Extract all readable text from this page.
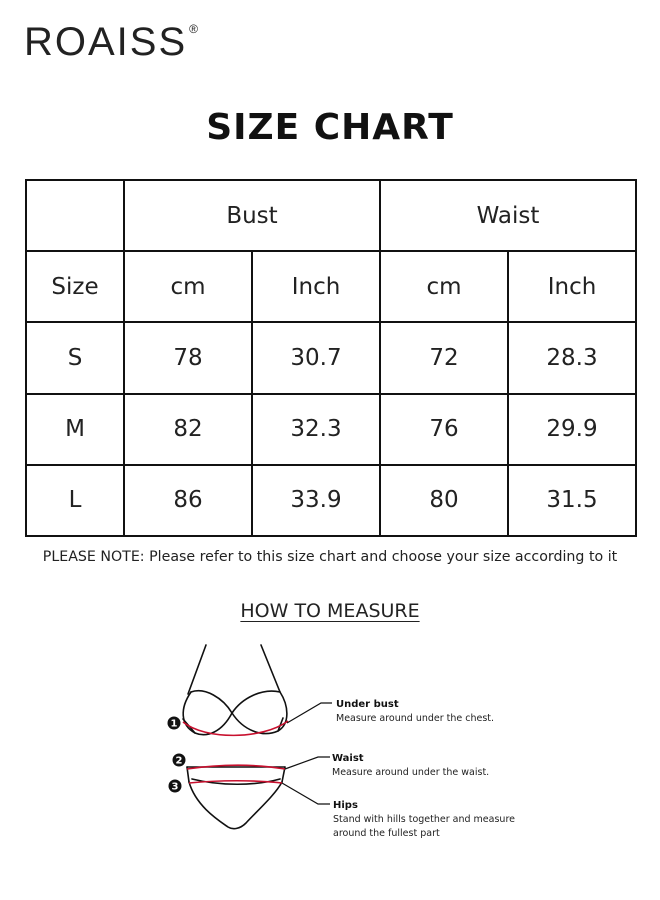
ROAISS ®
SIZE CHART
	Bust		Waist	
Size	cm	Inch	cm	Inch
S	78	30.7	72	28.3
M	82	32.3	76	29.9
L	86	33.9	80	31.5
PLEASE NOTE: Please refer to this size chart and choose your size according to it
HOW TO MEASURE
1
2
3
Under bust
Measure around under the chest.
Waist
Measure around under the waist.
Hips
Stand with hills together and measure
around the fullest part
